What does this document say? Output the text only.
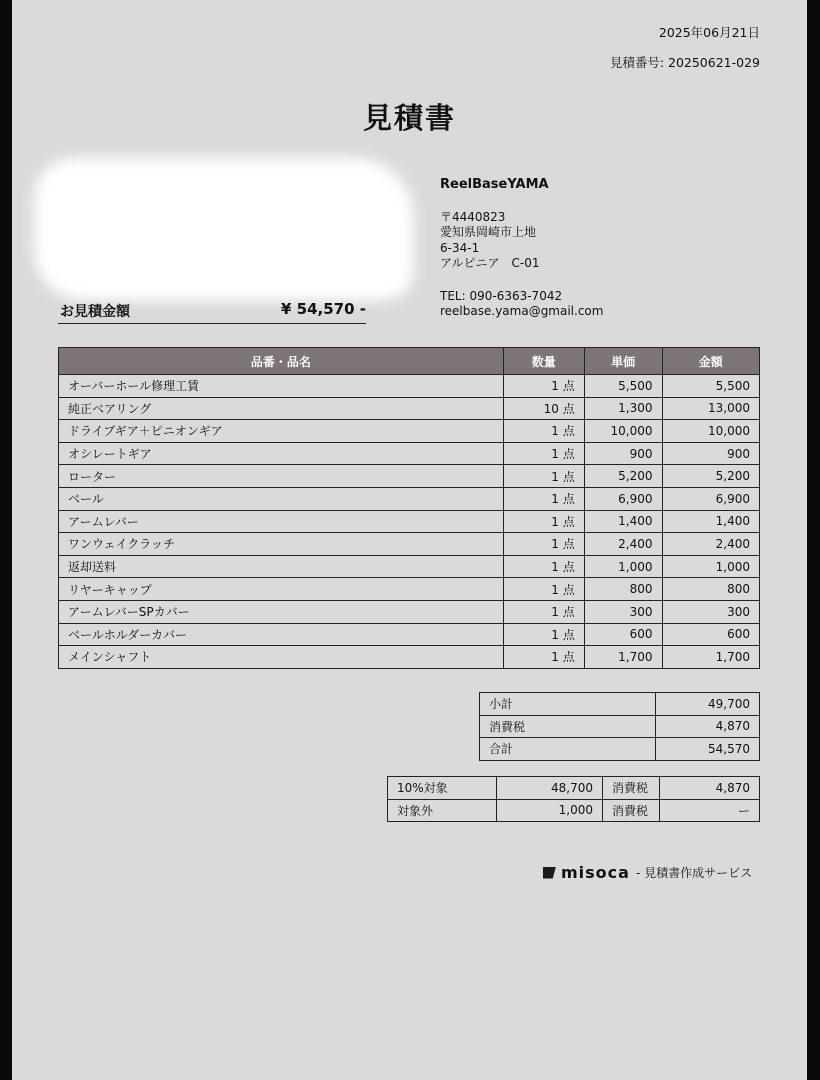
2025年06月21日
見積番号: 20250621-029
見積書
お見積金額	¥ 54,570 -
ReelBaseYAMA
〒4440823
愛知県岡崎市上地
6-34-1
アルピニア　C-01
TEL: 090-6363-7042
reelbase.yama@gmail.com
品番・品名	数量	単価	金額
オーバーホール修理工賃	1 点	5,500	5,500
純正ベアリング	10 点	1,300	13,000
ドライブギア＋ピニオンギア	1 点	10,000	10,000
オシレートギア	1 点	900	900
ローター	1 点	5,200	5,200
ベール	1 点	6,900	6,900
アームレバー	1 点	1,400	1,400
ワンウェイクラッチ	1 点	2,400	2,400
返却送料	1 点	1,000	1,000
リヤーキャップ	1 点	800	800
アームレバーSPカバー	1 点	300	300
ベールホルダーカバー	1 点	600	600
メインシャフト	1 点	1,700	1,700
小計	49,700
消費税	4,870
合計	54,570
10%対象	48,700	消費税	4,870
対象外	1,000	消費税	ー
misoca - 見積書作成サービス
